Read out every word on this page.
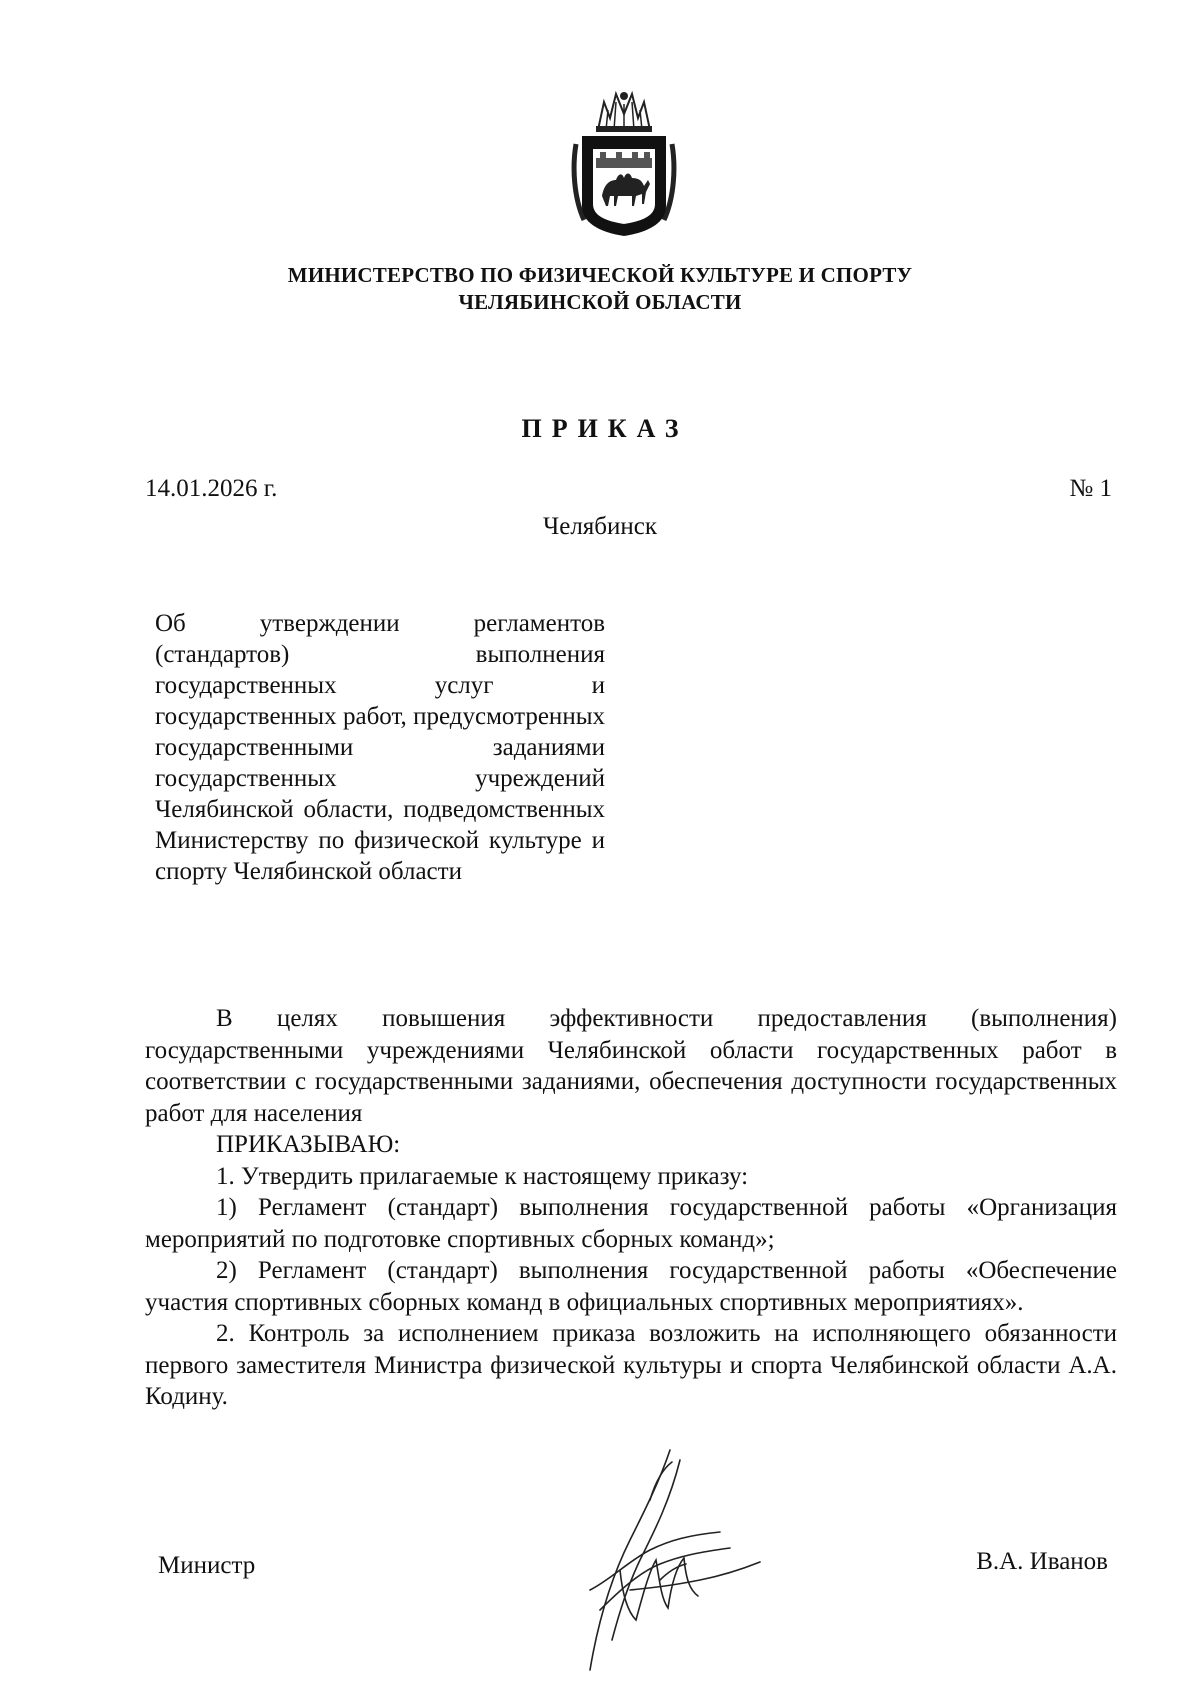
МИНИСТЕРСТВО ПО ФИЗИЧЕСКОЙ КУЛЬТУРЕ И СПОРТУ
ЧЕЛЯБИНСКОЙ ОБЛАСТИ
ПРИКАЗ
14.01.2026 г.	№ 1
Челябинск
Об утверждении регламентов (стандартов) выполнения государственных услуг и государственных работ, предусмотренных государственными заданиями государственных учреждений Челябинской области, подведомственных Министерству по физической культуре и спорту Челябинской области

В целях повышения эффективности предоставления (выполнения) государственными учреждениями Челябинской области государственных работ в соответствии с государственными заданиями, обеспечения доступности государственных работ для населения

ПРИКАЗЫВАЮ:

1. Утвердить прилагаемые к настоящему приказу:

1) Регламент (стандарт) выполнения государственной работы «Организация мероприятий по подготовке спортивных сборных команд»;

2) Регламент (стандарт) выполнения государственной работы «Обеспечение участия спортивных сборных команд в официальных спортивных мероприятиях».

2. Контроль за исполнением приказа возложить на исполняющего обязанности первого заместителя Министра физической культуры и спорта Челябинской области А.А. Кодину.

Министр	В.А. Иванов
